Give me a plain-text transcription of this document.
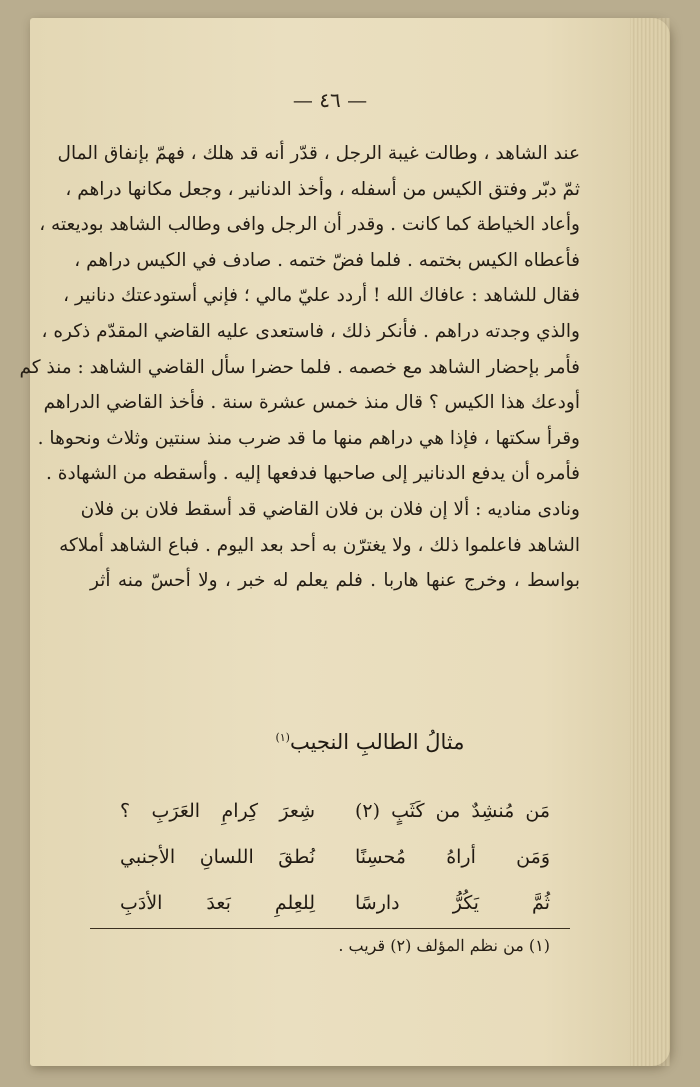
— ٤٦ —
عند الشاهد ، وطالت غيبة الرجل ، قدّر أنه قد هلك ، فهمّ بإنفاق المال
ثمّ دبّر وفتق الكيس من أسفله ، وأخذ الدنانير ، وجعل مكانها دراهم ،
وأعاد الخياطة كما كانت . وقدر أن الرجل وافى وطالب الشاهد بوديعته ،
فأعطاه الكيس بختمه . فلما فضّ ختمه . صادف في الكيس دراهم ،
فقال للشاهد : عافاك الله ! أردد عليّ مالي ؛ فإني أستودعتك دنانير ،
والذي وجدته دراهم . فأنكر ذلك ، فاستعدى عليه القاضي المقدّم ذكره ،
فأمر بإحضار الشاهد مع خصمه . فلما حضرا سأل القاضي الشاهد : منذ كم
أودعك هذا الكيس ؟ قال منذ خمس عشرة سنة . فأخذ القاضي الدراهم
وقرأ سكتها ، فإذا هي دراهم منها ما قد ضرب منذ سنتين وثلاث ونحوها .
فأمره أن يدفع الدنانير إلى صاحبها فدفعها إليه . وأسقطه من الشهادة .
ونادى مناديه : ألا إن فلان بن فلان القاضي قد أسقط فلان بن فلان
الشاهد فاعلموا ذلك ، ولا يغترّن به أحد بعد اليوم . فباع الشاهد أملاكه
بواسط ، وخرج عنها هاربا . فلم يعلم له خبر ، ولا أحسّ منه أثر
مثالُ الطالبِ النجيب$^{(١)}$
مَن مُنشِدٌ من كَثَبٍ (٢)
شِعرَ كِرامِ العَرَبِ ؟
وَمَن أراهُ مُحسِنًا
نُطقَ اللسانِ الأجنبي
ثُمَّ يَكُرُّ دارسًا
لِلعِلمِ بَعدَ الأدَبِ
(١) من نظم المؤلف (٢) قريب .
